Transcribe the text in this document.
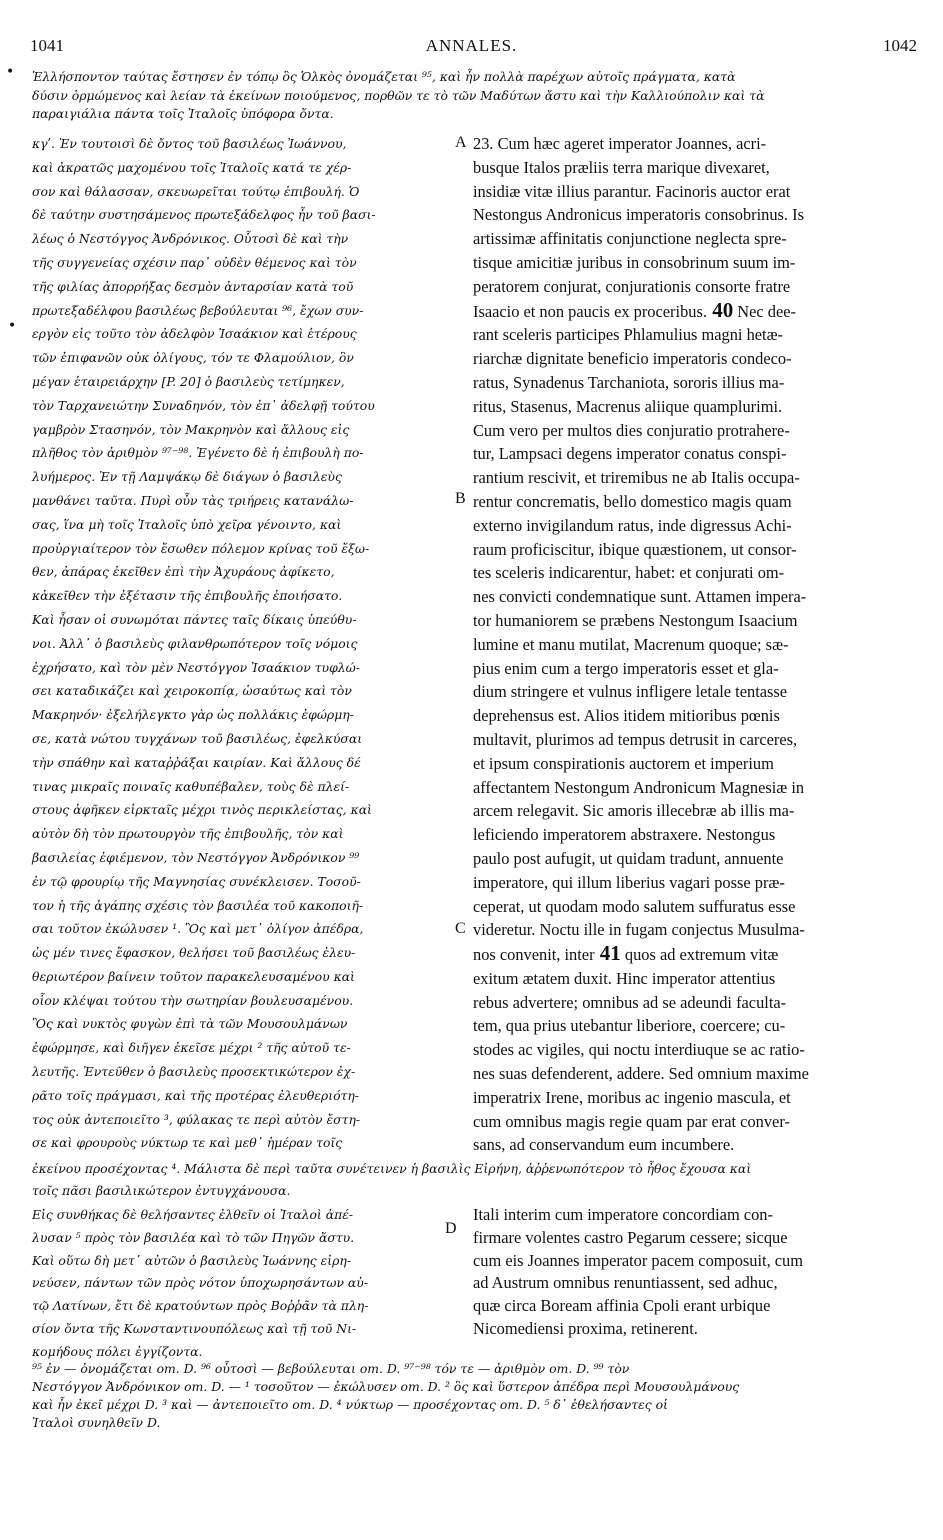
1041	ANNALES.	1042
• Ἑλλήσποντον ταύτας ἔστησεν ἐν τόπῳ ὃς Ὁλκὸς ὀνομάζεται ⁹⁵, καὶ ἦν πολλὰ παρέχων αὐτοῖς πράγματα, κατὰ
δύσιν ὁρμώμενος καὶ λείαν τὰ ἐκείνων ποιούμενος, πορθῶν τε τὸ τῶν Μαδύτων ἄστυ καὶ τὴν Καλλιούπολιν καὶ τὰ
παραιγιάλια πάντα τοῖς Ἰταλοῖς ὑπόφορα ὄντα.
κγʹ. Ἐν τουτοισὶ δὲ ὄντος τοῦ βασιλέως Ἰωάννου,
καὶ ἀκρατῶς μαχομένου τοῖς Ἰταλοῖς κατά τε χέρ-
σον καὶ θάλασσαν, σκευωρεῖται τούτῳ ἐπιβουλή. Ὁ
δὲ ταύτην συστησάμενος πρωτεξάδελφος ἦν τοῦ βασι-
λέως ὁ Νεστόγγος Ἀνδρόνικος. Οὗτοσὶ δὲ καὶ τὴν
τῆς συγγενείας σχέσιν παρ᾽ οὐδὲν θέμενος καὶ τὸν
τῆς φιλίας ἀπορρήξας δεσμὸν ἀνταρσίαν κατὰ τοῦ
πρωτεξαδέλφου βασιλέως βεβούλευται ⁹⁶, ἔχων συν-
εργὸν εἰς τοῦτο τὸν ἀδελφὸν Ἰσαάκιον καὶ ἑτέρους
τῶν ἐπιφανῶν οὐκ ὀλίγους, τόν τε Φλαμούλιον, ὃν
μέγαν ἑταιρειάρχην [P. 20] ὁ βασιλεὺς τετίμηκεν,
τὸν Ταρχανειώτην Συναδηνόν, τὸν ἐπ᾽ ἀδελφῇ τούτου
γαμβρὸν Στασηνόν, τὸν Μακρηνὸν καὶ ἄλλους εἰς
πλῆθος τὸν ἀριθμὸν ⁹⁷⁻⁹⁸. Ἐγένετο δὲ ἡ ἐπιβουλὴ πο-
λυήμερος. Ἐν τῇ Λαμψάκῳ δὲ διάγων ὁ βασιλεὺς
μανθάνει ταῦτα. Πυρὶ οὖν τὰς τριήρεις κατανάλω-
σας, ἵνα μὴ τοῖς Ἰταλοῖς ὑπὸ χεῖρα γένοιντο, καὶ
προὐργιαίτερον τὸν ἔσωθεν πόλεμον κρίνας τοῦ ἔξω-
θεν, ἀπάρας ἐκεῖθεν ἐπὶ τὴν Ἀχυράους ἀφίκετο,
κἀκεῖθεν τὴν ἐξέτασιν τῆς ἐπιβουλῆς ἐποιήσατο.
Καὶ ἦσαν οἱ συνωμόται πάντες ταῖς δίκαις ὑπεύθυ-
νοι. Ἀλλ᾽ ὁ βασιλεὺς φιλανθρωπότερον τοῖς νόμοις
ἐχρήσατο, καὶ τὸν μὲν Νεστόγγον Ἰσαάκιον τυφλώ-
σει καταδικάζει καὶ χειροκοπίᾳ, ὡσαύτως καὶ τὸν
Μακρηνόν· ἐξελήλεγκτο γὰρ ὡς πολλάκις ἐφώρμη-
σε, κατὰ νώτου τυγχάνων τοῦ βασιλέως, ἐφελκύσαι
τὴν σπάθην καὶ καταῤῥάξαι καιρίαν. Καὶ ἄλλους δέ
τινας μικραῖς ποιναῖς καθυπέβαλεν, τοὺς δὲ πλεί-
στους ἀφῆκεν εἱρκταῖς μέχρι τινὸς περικλείστας, καὶ
αὐτὸν δὴ τὸν πρωτουργὸν τῆς ἐπιβουλῆς, τὸν καὶ
βασιλείας ἐφιέμενον, τὸν Νεστόγγον Ἀνδρόνικον ⁹⁹
ἐν τῷ φρουρίῳ τῆς Μαγνησίας συνέκλεισεν. Τοσοῦ-
τον ἡ τῆς ἀγάπης σχέσις τὸν βασιλέα τοῦ κακοποιῆ-
σαι τοῦτον ἐκώλυσεν ¹. Ὃς καὶ μετ᾽ ὀλίγον ἀπέδρα,
ὡς μέν τινες ἔφασκον, θελήσει τοῦ βασιλέως ἐλευ-
θεριωτέρον βαίνειν τοῦτον παρακελευσαμένου καὶ
οἷον κλέψαι τούτου τὴν σωτηρίαν βουλευσαμένου.
Ὃς καὶ νυκτὸς φυγὼν ἐπὶ τὰ τῶν Μουσουλμάνων
ἐφώρμησε, καὶ διῆγεν ἐκεῖσε μέχρι ² τῆς αὐτοῦ τε-
λευτῆς. Ἐντεῦθεν ὁ βασιλεὺς προσεκτικώτερον ἐχ-
ρᾶτο τοῖς πράγμασι, καὶ τῆς προτέρας ἐλευθεριότη-
τος οὐκ ἀντεποιεῖτο ³, φύλακας τε περὶ αὐτὸν ἔστη-
σε καὶ φρουροὺς νύκτωρ τε καὶ μεθ᾽ ἡμέραν τοῖς
23. Cum hæc ageret imperator Joannes, acri-
busque Italos præliis terra marique divexaret,
insidiæ vitæ illius parantur. Facinoris auctor erat
Nestongus Andronicus imperatoris consobrinus. Is
artissimæ affinitatis conjunctione neglecta spre-
tisque amicitiæ juribus in consobrinum suum im-
peratorem conjurat, conjurationis consorte fratre
Isaacio et non paucis ex proceribus. 40 Nec dee-
rant sceleris participes Phlamulius magni hetæ-
riarchæ dignitate beneficio imperatoris condeco-
ratus, Synadenus Tarchaniota, sororis illius ma-
ritus, Stasenus, Macrenus aliique quamplurimi.
Cum vero per multos dies conjuratio protrahere-
tur, Lampsaci degens imperator conatus conspi-
rantium rescivit, et triremibus ne ab Italis occupa-
rentur concrematis, bello domestico magis quam
externo invigilandum ratus, inde digressus Achi-
raum proficiscitur, ibique quæstionem, ut consor-
tes sceleris indicarentur, habet: et conjurati om-
nes convicti condemnatique sunt. Attamen impera-
tor humaniorem se præbens Nestongum Isaacium
lumine et manu mutilat, Macrenum quoque; sæ-
pius enim cum a tergo imperatoris esset et gla-
dium stringere et vulnus infligere letale tentasse
deprehensus est. Alios itidem mitioribus pœnis
multavit, plurimos ad tempus detrusit in carceres,
et ipsum conspirationis auctorem et imperium
affectantem Nestongum Andronicum Magnesiæ in
arcem relegavit. Sic amoris illecebræ ab illis ma-
leficiendo imperatorem abstraxere. Nestongus
paulo post aufugit, ut quidam tradunt, annuente
imperatore, qui illum liberius vagari posse præ-
ceperat, ut quodam modo salutem suffuratus esse
videretur. Noctu ille in fugam conjectus Musulma-
nos convenit, inter 41 quos ad extremum vitæ
exitum ætatem duxit. Hinc imperator attentius
rebus advertere; omnibus ad se adeundi faculta-
tem, qua prius utebantur liberiore, coercere; cu-
stodes ac vigiles, qui noctu interdiuque se ac ratio-
nes suas defenderent, addere. Sed omnium maxime
imperatrix Irene, moribus ac ingenio mascula, et
cum omnibus magis regie quam par erat conver-
sans, ad conservandum eum incumbere.
A
B
C
D
•
ἐκείνου προσέχοντας ⁴. Μάλιστα δὲ περὶ ταῦτα συνέτεινεν ἡ βασιλὶς Εἰρήνη, ἀῤῥενωπότερον τὸ ἦθος ἔχουσα καὶ
τοῖς πᾶσι βασιλικώτερον ἐντυγχάνουσα.
Εἰς συνθήκας δὲ θελήσαντες ἐλθεῖν οἱ Ἰταλοὶ ἀπέ-
λυσαν ⁵ πρὸς τὸν βασιλέα καὶ τὸ τῶν Πηγῶν ἄστυ.
Καὶ οὕτω δὴ μετ᾽ αὐτῶν ὁ βασιλεὺς Ἰωάννης εἰρη-
νεύσεν, πάντων τῶν πρὸς νότον ὑποχωρησάντων αὐ-
τῷ Λατίνων, ἔτι δὲ κρατούντων πρὸς Βοῤῥᾶν τὰ πλη-
σίον ὄντα τῆς Κωνσταντινουπόλεως καὶ τῇ τοῦ Νι-
κομήδους πόλει ἐγγίζοντα.
Itali interim cum imperatore concordiam con-
firmare volentes castro Pegarum cessere; sicque
cum eis Joannes imperator pacem composuit, cum
ad Austrum omnibus renuntiassent, sed adhuc,
quæ circa Boream affinia Cpoli erant urbique
Nicomediensi proxima, retinerent.
⁹⁵ ἐν — ὀνομάζεται om. D. ⁹⁶ οὗτοσὶ — βεβούλευται om. D. ⁹⁷⁻⁹⁸ τόν τε — ἀριθμὸν om. D. ⁹⁹ τὸν
Νεστόγγον Ἀνδρόνικον om. D. — ¹ τοσοῦτον — ἐκώλυσεν om. D. ² ὃς καὶ ὕστερον ἀπέδρα περὶ Μουσουλμάνους
καὶ ἦν ἐκεῖ μέχρι D. ³ καὶ — ἀντεποιεῖτο om. D. ⁴ νύκτωρ — προσέχοντας om. D. ⁵ δ᾽ ἐθελήσαντες οἱ
Ἰταλοὶ συνηλθεῖν D.
